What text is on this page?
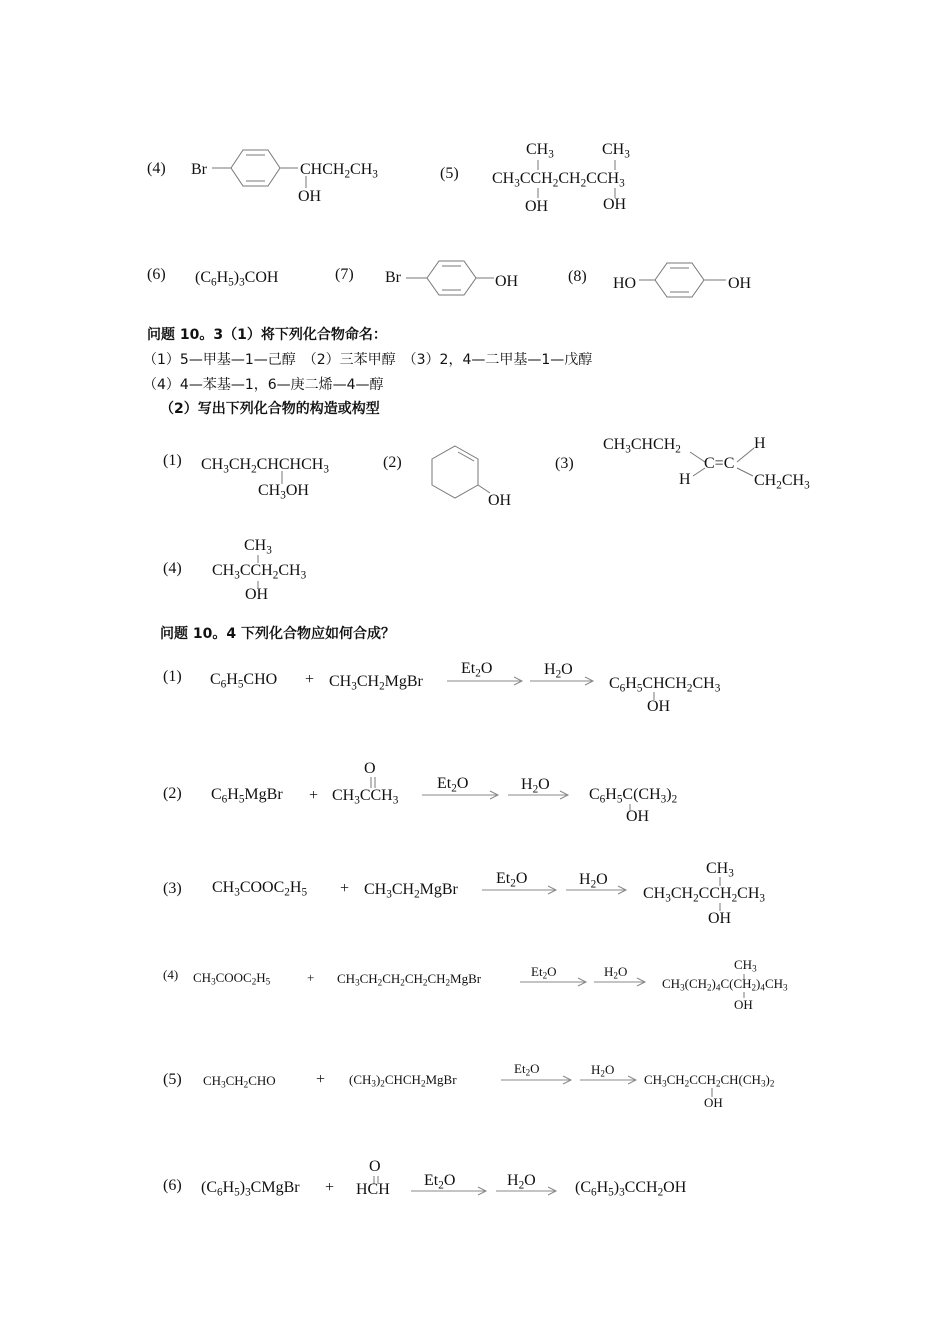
(4) Br	$CHCH_2CH_3$
OH
(5)
$CH_3$	$CH_3$
$CH_3CCH_2CH_2CCH_3$
OH	OH
(6) $(C_6H_5)_3COH$	(7) Br	OH	(8) HO	OH
问题 10。3（1）将下列化合物命名：
（1）5—甲基—1—己醇　（2）三苯甲醇　（3）2，4—二甲基—1—戊醇
（4）4—苯基—1，6—庚二烯—4—醇
（2）写出下列化合物的构造或构型
(1) $CH_3CH_2CHCHCH_3$
$CH_3OH$
(2)
OH
(3)
$CH_3CHCH_2$	H
C=C
H	$CH_2CH_3$
(4)
$CH_3$
$CH_3CCH_2CH_3$
OH
问题 10。4 下列化合物应如何合成？
(1) $C_6H_5CHO$ + $CH_3CH_2MgBr$
$Et_2O$	$H_2O$
$C_6H_5CHCH_2CH_3$
OH
(2) $C_6H_5MgBr$ +
O
$CH_3CCH_3$
$Et_2O$	$H_2O$
$C_6H_5C(CH_3)_2$
OH
(3) $CH_3COOC_2H_5$ + $CH_3CH_2MgBr$
$Et_2O$	$H_2O$
$CH_3$
$CH_3CH_2CCH_2CH_3$
OH
(4) $CH_3COOC_2H_5$	+ $CH_3CH_2CH_2CH_2CH_2MgBr$	$Et_2O$	$H_2O$	$CH_3$
$CH_3(CH_2)_4C(CH_2)_4CH_3$
OH
(5) $CH_3CH_2CHO$	+ $(CH_3)_2CHCH_2MgBr$
$Et_2O$	$H_2O$
$CH_3CH_2CCH_2CH(CH_3)_2$
OH
(6) $(C_6H_5)_3CMgBr$ +
O
HCH
$Et_2O$	$H_2O$ $(C_6H_5)_3CCH_2OH$
